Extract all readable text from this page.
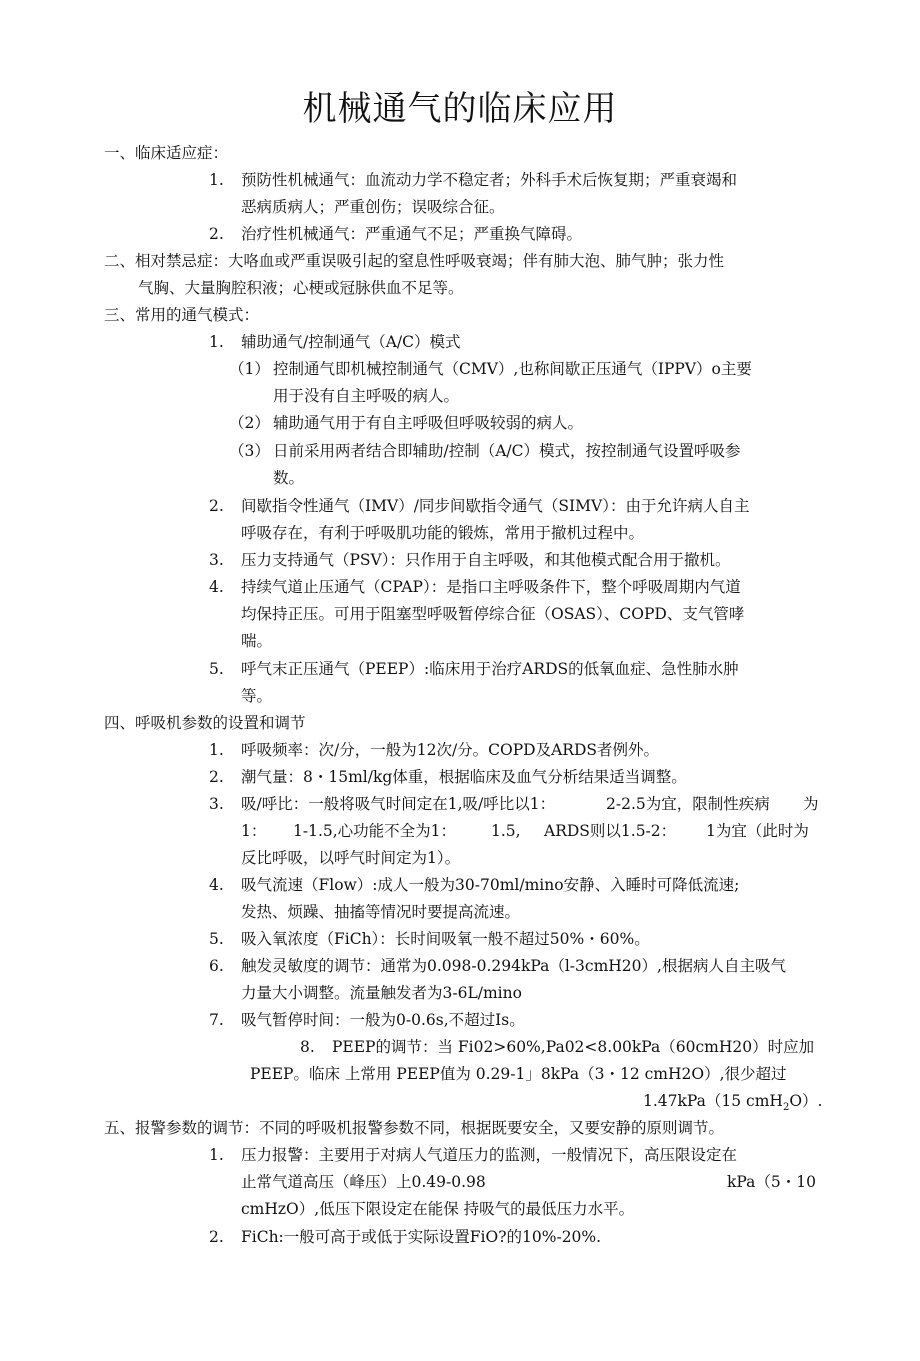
机械通气的临床应用
一、临床适应症：
1. 预防性机械通气：血流动力学不稳定者；外科手术后恢复期；严重衰竭和
恶病质病人；严重创伤；误吸综合征。
2. 治疗性机械通气：严重通气不足；严重换气障碍。
二、相对禁忌症：大咯血或严重误吸引起的窒息性呼吸衰竭；伴有肺大泡、肺气肿；张力性
气胸、大量胸腔积液；心梗或冠脉供血不足等。
三、常用的通气模式：
1. 辅助通气/控制通气（A/C）模式
（1） 控制通气即机械控制通气（CMV）,也称间歇正压通气（IPPV）o主要
用于没有自主呼吸的病人。
（2） 辅助通气用于有自主呼吸但呼吸较弱的病人。
（3） 日前采用两者结合即辅助/控制（A/C）模式，按控制通气设置呼吸参
数。
2. 间歇指令性通气（IMV）/同步间歇指令通气（SIMV）：由于允许病人自主
呼吸存在，有利于呼吸肌功能的锻炼，常用于撤机过程中。
3. 压力支持通气（PSV）：只作用于自主呼吸，和其他模式配合用于撤机。
4. 持续气道止压通气（CPAP）：是指口主呼吸条件下，整个呼吸周期内气道
均保持正压。可用于阻塞型呼吸暂停综合征（OSAS）、COPD、支气管哮
喘。
5. 呼气末正压通气（PEEP）:临床用于治疗ARDS的低氧血症、急性肺水肿
等。
四、呼吸机参数的设置和调节
1. 呼吸频率：次/分，一般为12次/分。COPD及ARDS者例外。
2. 潮气量：8・15ml/kg体重，根据临床及血气分析结果适当调整。
3. 吸/呼比：一般将吸气时间定在1,吸/呼比以1：	2-2.5为宜，限制性疾病 为
1： 1-1.5,心功能不全为1： 1.5, ARDS则以1.5-2： 1为宜（此时为
反比呼吸，以呼气时间定为1）。
4. 吸气流速（Flow）:成人一般为30-70ml/mino安静、入睡时可降低流速;
发热、烦躁、抽搐等情况时要提高流速。
5. 吸入氧浓度（FiCh）：长时间吸氧一般不超过50%・60%。
6. 触发灵敏度的调节：通常为0.098-0.294kPa（l-3cmH20）,根据病人自主吸气
力量大小调整。流量触发者为3-6L/mino
7. 吸气暂停时间：一般为0-0.6s,不超过Is。
8. PEEP的调节：当 Fi02>60%,Pa02<8.00kPa（60cmH20）时应加
PEEP。临床 上常用 PEEP值为 0.29-1」8kPa（3・12 cmH2O）,很少超过
1.47kPa（15 cmH$_2$O）.
五、报警参数的调节：不同的呼吸机报警参数不同，根据既要安全，又要安静的原则调节。
1. 压力报警：主要用于对病人气道压力的监测，一般情况下，高压限设定在
止常气道高压（峰压）上0.49-0.98	kPa（5・10
cmHzO）,低压下限设定在能保 持吸气的最低压力水平。
2. FiCh:一般可高于或低于实际设置FiO?的10%-20%.
